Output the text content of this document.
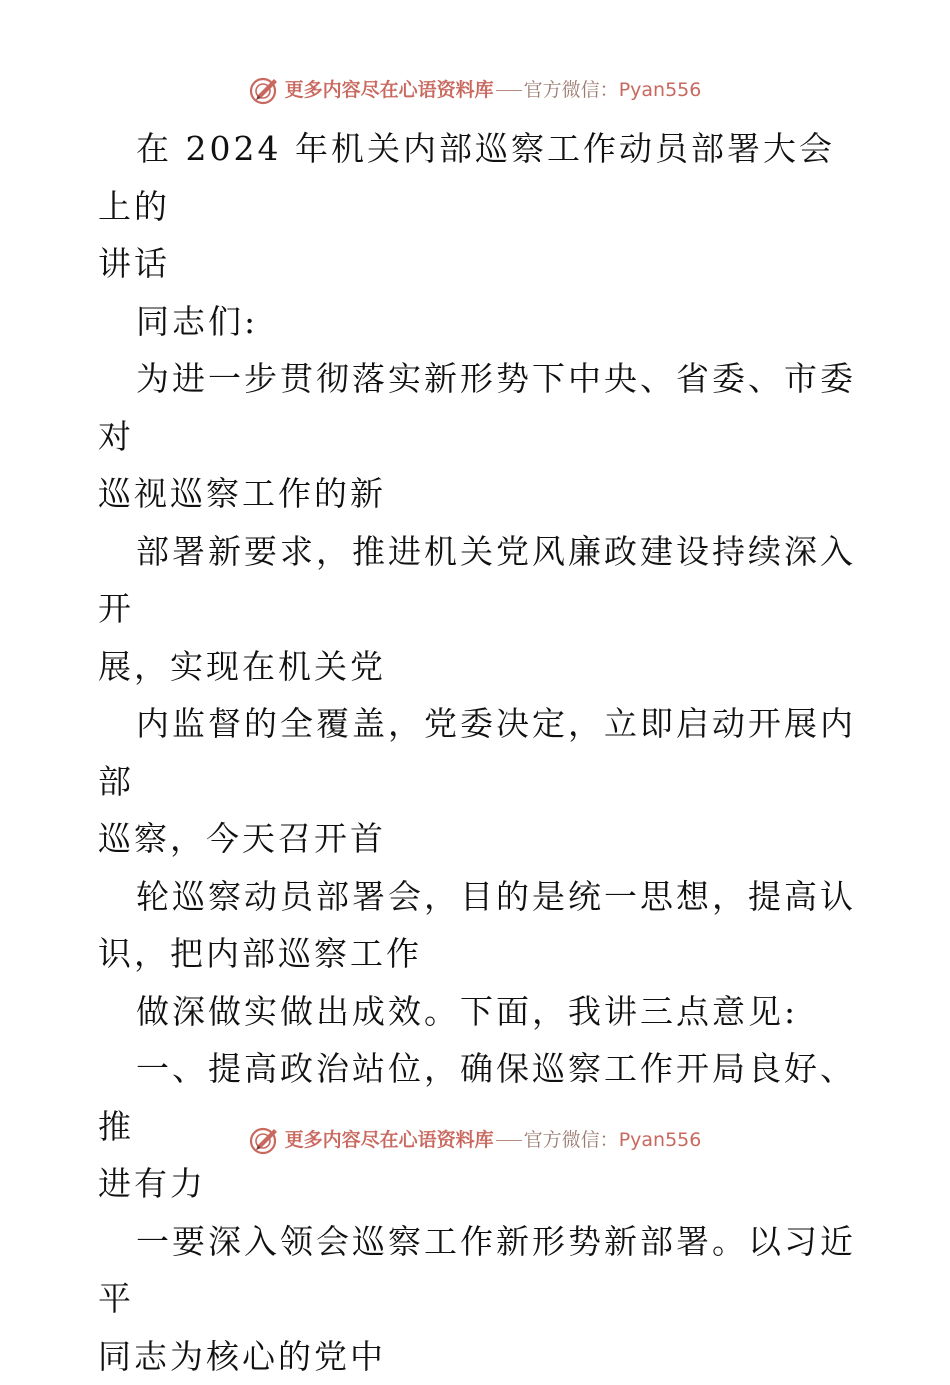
更多内容尽在心语资料库 官方微信： Pyan556

在 2024 年机关内部巡察工作动员部署大会上的
讲话

同志们:

为进一步贯彻落实新形势下中央、省委、市委对
巡视巡察工作的新

部署新要求，推进机关党风廉政建设持续深入开
展，实现在机关党

内监督的全覆盖，党委决定，立即启动开展内部
巡察，今天召开首

轮巡察动员部署会，目的是统一思想，提高认
识，把内部巡察工作

做深做实做出成效。下面，我讲三点意见:

一、提高政治站位，确保巡察工作开局良好、推
进有力

一要深入领会巡察工作新形势新部署。以习近平
同志为核心的党中

更多内容尽在心语资料库 官方微信： Pyan556
